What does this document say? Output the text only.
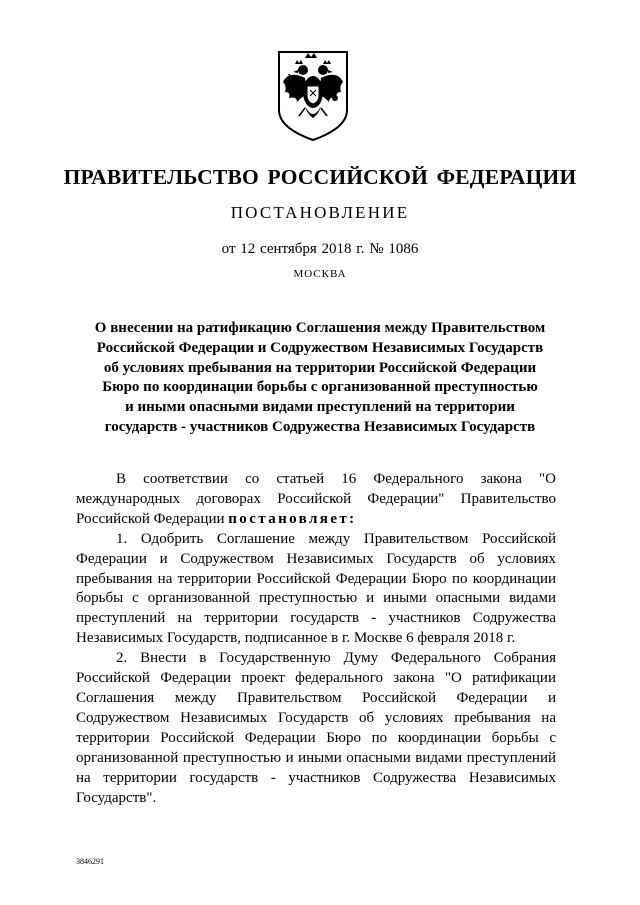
ПРАВИТЕЛЬСТВО РОССИЙСКОЙ ФЕДЕРАЦИИ
ПОСТАНОВЛЕНИЕ
от 12 сентября 2018 г. № 1086
МОСКВА
О внесении на ратификацию Соглашения между Правительством
Российской Федерации и Содружеством Независимых Государств
об условиях пребывания на территории Российской Федерации
Бюро по координации борьбы с организованной преступностью
и иными опасными видами преступлений на территории
государств - участников Содружества Независимых Государств

В соответствии со статьей 16 Федерального закона "О международных договорах Российской Федерации" Правительство Российской Федерации постановляет:

1. Одобрить Соглашение между Правительством Российской Федерации и Содружеством Независимых Государств об условиях пребывания на территории Российской Федерации Бюро по координации борьбы с организованной преступностью и иными опасными видами преступлений на территории государств - участников Содружества Независимых Государств, подписанное в г. Москве 6 февраля 2018 г.

2. Внести в Государственную Думу Федерального Собрания Российской Федерации проект федерального закона "О ратификации Соглашения между Правительством Российской Федерации и Содружеством Независимых Государств об условиях пребывания на территории Российской Федерации Бюро по координации борьбы с организованной преступностью и иными опасными видами преступлений на территории государств - участников Содружества Независимых Государств".

3846291
